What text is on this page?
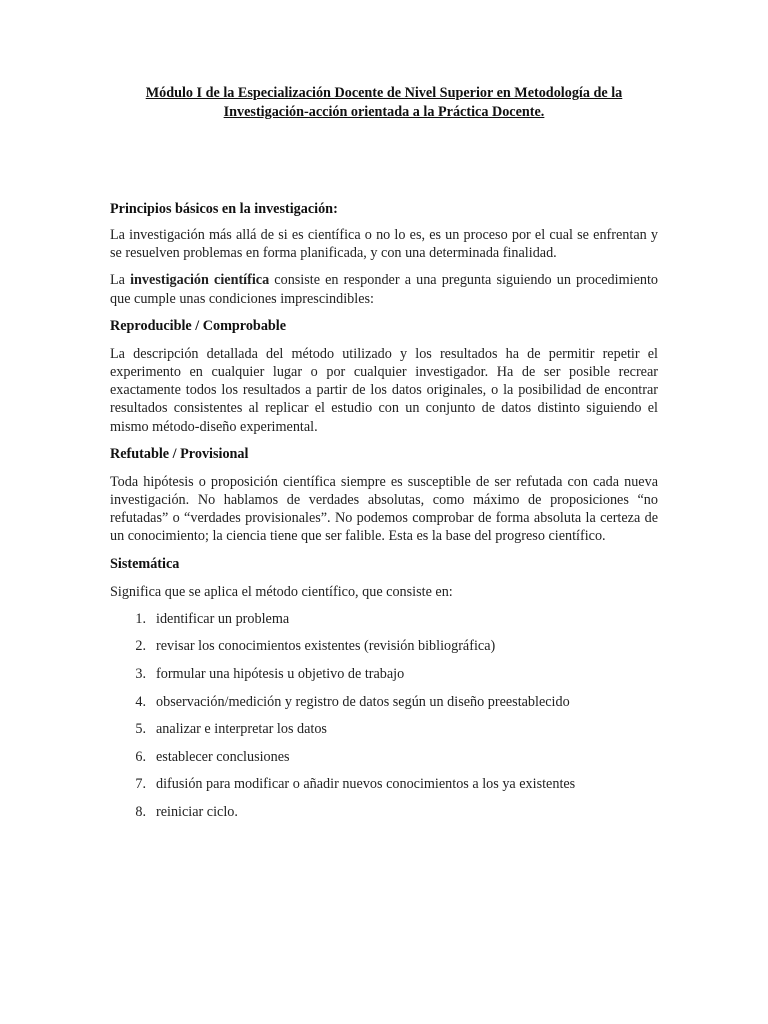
Módulo I de la Especialización Docente de Nivel Superior en Metodología de la
Investigación-acción orientada a la Práctica Docente.
Principios básicos en la investigación:

La investigación más allá de si es científica o no lo es, es un proceso por el cual se enfrentan y se resuelven problemas en forma planificada, y con una determinada finalidad.

La investigación científica consiste en responder a una pregunta siguiendo un procedimiento que cumple unas condiciones imprescindibles:

Reproducible / Comprobable

La descripción detallada del método utilizado y los resultados ha de permitir repetir el experimento en cualquier lugar o por cualquier investigador. Ha de ser posible recrear exactamente todos los resultados a partir de los datos originales, o la posibilidad de encontrar resultados consistentes al replicar el estudio con un conjunto de datos distinto siguiendo el mismo método-diseño experimental.

Refutable / Provisional

Toda hipótesis o proposición científica siempre es susceptible de ser refutada con cada nueva investigación. No hablamos de verdades absolutas, como máximo de proposiciones “no refutadas” o “verdades provisionales”. No podemos comprobar de forma absoluta la certeza de un conocimiento; la ciencia tiene que ser falible. Esta es la base del progreso científico.

Sistemática

Significa que se aplica el método científico, que consiste en:

1. identificar un problema
2. revisar los conocimientos existentes (revisión bibliográfica)
3. formular una hipótesis u objetivo de trabajo
4. observación/medición y registro de datos según un diseño preestablecido
5. analizar e interpretar los datos
6. establecer conclusiones
7. difusión para modificar o añadir nuevos conocimientos a los ya existentes
8. reiniciar ciclo.
